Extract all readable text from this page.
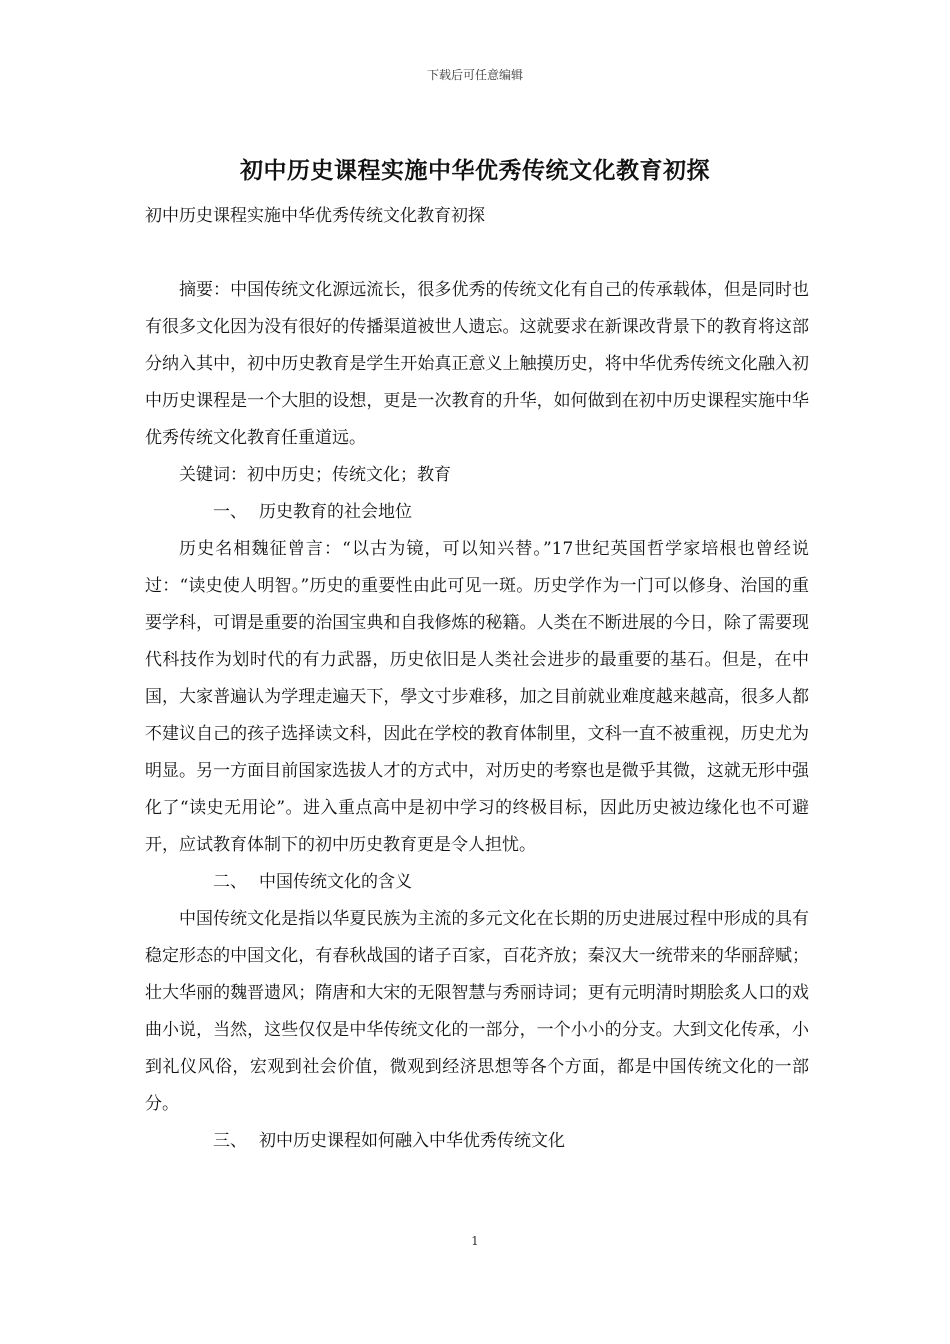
下载后可任意编辑
初中历史课程实施中华优秀传统文化教育初探
初中历史课程实施中华优秀传统文化教育初探

摘要：中国传统文化源远流长，很多优秀的传统文化有自己的传承载体，但是同时也有很多文化因为没有很好的传播渠道被世人遗忘。这就要求在新课改背景下的教育将这部分纳入其中，初中历史教育是学生开始真正意义上触摸历史，将中华优秀传统文化融入初中历史课程是一个大胆的设想，更是一次教育的升华，如何做到在初中历史课程实施中华优秀传统文化教育任重道远。

关键词：初中历史；传统文化；教育

一、 历史教育的社会地位

历史名相魏征曾言：“以古为镜，可以知兴替。”17世纪英国哲学家培根也曾经说过：“读史使人明智。”历史的重要性由此可见一斑。历史学作为一门可以修身、治国的重要学科，可谓是重要的治国宝典和自我修炼的秘籍。人类在不断进展的今日，除了需要现代科技作为划时代的有力武器，历史依旧是人类社会进步的最重要的基石。但是，在中国，大家普遍认为学理走遍天下，學文寸步难移，加之目前就业难度越来越高，很多人都不建议自己的孩子选择读文科，因此在学校的教育体制里，文科一直不被重视，历史尤为明显。另一方面目前国家选拔人才的方式中，对历史的考察也是微乎其微，这就无形中强化了“读史无用论”。进入重点高中是初中学习的终极目标，因此历史被边缘化也不可避开，应试教育体制下的初中历史教育更是令人担忧。

二、 中国传统文化的含义

中国传统文化是指以华夏民族为主流的多元文化在长期的历史进展过程中形成的具有稳定形态的中国文化，有春秋战国的诸子百家，百花齐放；秦汉大一统带来的华丽辞赋；壮大华丽的魏晋遗风；隋唐和大宋的无限智慧与秀丽诗词；更有元明清时期脍炙人口的戏曲小说，当然，这些仅仅是中华传统文化的一部分，一个小小的分支。大到文化传承，小到礼仪风俗，宏观到社会价值，微观到经济思想等各个方面，都是中国传统文化的一部分。

三、 初中历史课程如何融入中华优秀传统文化

1
